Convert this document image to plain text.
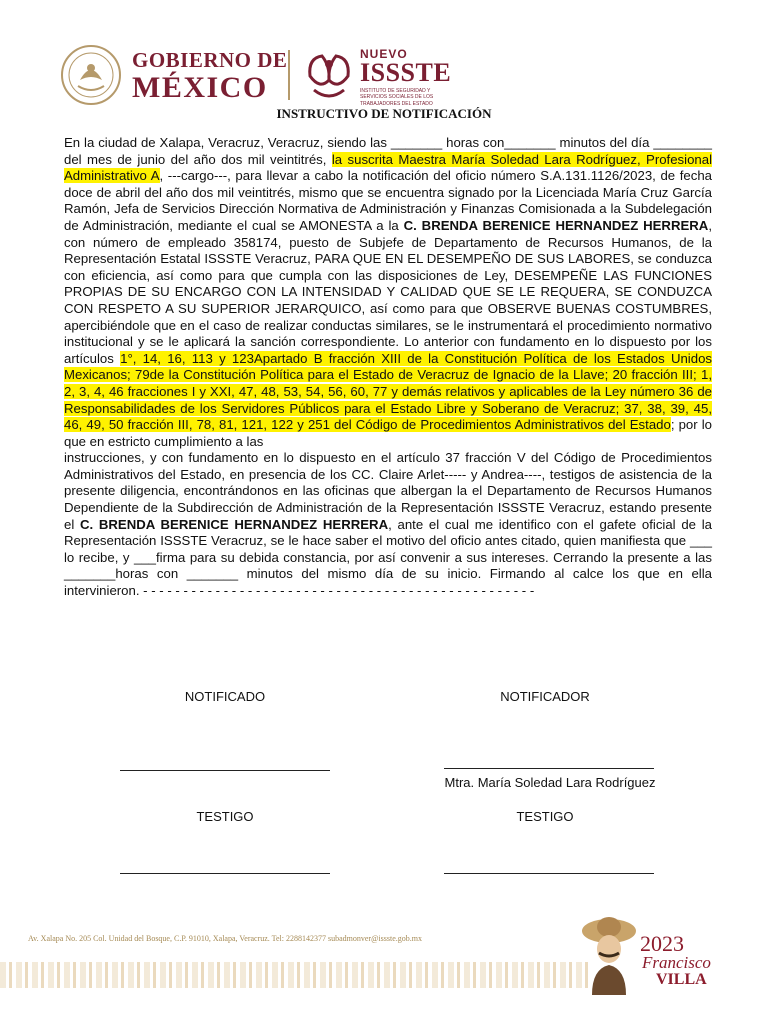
GOBIERNO DE
MÉXICO
NUEVO
ISSSTE
INSTITUTO DE SEGURIDAD Y SERVICIOS SOCIALES DE LOS TRABAJADORES DEL ESTADO
INSTRUCTIVO DE NOTIFICACIÓN
En la ciudad de Xalapa, Veracruz, Veracruz, siendo las _______ horas con_______ minutos del día ________ del mes de junio del año dos mil veintitrés, la suscrita Maestra María Soledad Lara Rodríguez, Profesional Administrativo A, ---cargo---, para llevar a cabo la notificación del oficio número S.A.131.1126/2023, de fecha doce de abril del año dos mil veintitrés, mismo que se encuentra signado por la Licenciada María Cruz García Ramón, Jefa de Servicios Dirección Normativa de Administración y Finanzas Comisionada a la Subdelegación de Administración, mediante el cual se AMONESTA a la C. BRENDA BERENICE HERNANDEZ HERRERA, con número de empleado 358174, puesto de Subjefe de Departamento de Recursos Humanos, de la Representación Estatal ISSSTE Veracruz, PARA QUE EN EL DESEMPEÑO DE SUS LABORES, se conduzca con eficiencia, así como para que cumpla con las disposiciones de Ley, DESEMPEÑE LAS FUNCIONES PROPIAS DE SU ENCARGO CON LA INTENSIDAD Y CALIDAD QUE SE LE REQUERA, SE CONDUZCA CON RESPETO A SU SUPERIOR JERARQUICO, así como para que OBSERVE BUENAS COSTUMBRES, apercibiéndole que en el caso de realizar conductas similares, se le instrumentará el procedimiento normativo institucional y se le aplicará la sanción correspondiente. Lo anterior con fundamento en lo dispuesto por los artículos 1°, 14, 16, 113 y 123Apartado B fracción XIII de la Constitución Política de los Estados Unidos Mexicanos; 79de la Constitución Política para el Estado de Veracruz de Ignacio de la Llave; 20 fracción III; 1, 2, 3, 4, 46 fracciones I y XXI, 47, 48, 53, 54, 56, 60, 77 y demás relativos y aplicables de la Ley número 36 de Responsabilidades de los Servidores Públicos para el Estado Libre y Soberano de Veracruz; 37, 38, 39, 45, 46, 49, 50 fracción III, 78, 81, 121, 122 y 251 del Código de Procedimientos Administrativos del Estado; por lo que en estricto cumplimiento a las
instrucciones, y con fundamento en lo dispuesto en el artículo 37 fracción V del Código de Procedimientos Administrativos del Estado, en presencia de los CC. Claire Arlet----- y Andrea----, testigos de asistencia de la presente diligencia, encontrándonos en las oficinas que albergan la el Departamento de Recursos Humanos Dependiente de la Subdirección de Administración de la Representación ISSSTE Veracruz, estando presente el C. BRENDA BERENICE HERNANDEZ HERRERA, ante el cual me identifico con el gafete oficial de la Representación ISSSTE Veracruz, se le hace saber el motivo del oficio antes citado, quien manifiesta que ___ lo recibe, y ___firma para su debida constancia, por así convenir a sus intereses. Cerrando la presente a las _______horas con _______ minutos del mismo día de su inicio. Firmando al calce los que en ella intervinieron. - - - - - - - - - - - - - - - - - - - - - - - - - - - - - - - - - - - - - - - - - - - - - - - - -
NOTIFICADO	NOTIFICADOR
Mtra. María Soledad Lara Rodríguez
TESTIGO	TESTIGO
Av. Xalapa No. 205 Col. Unidad del Bosque, C.P. 91010, Xalapa, Veracruz. Tel: 2288142377 subadmonver@issste.gob.mx	2023
Francisco
VILLA
